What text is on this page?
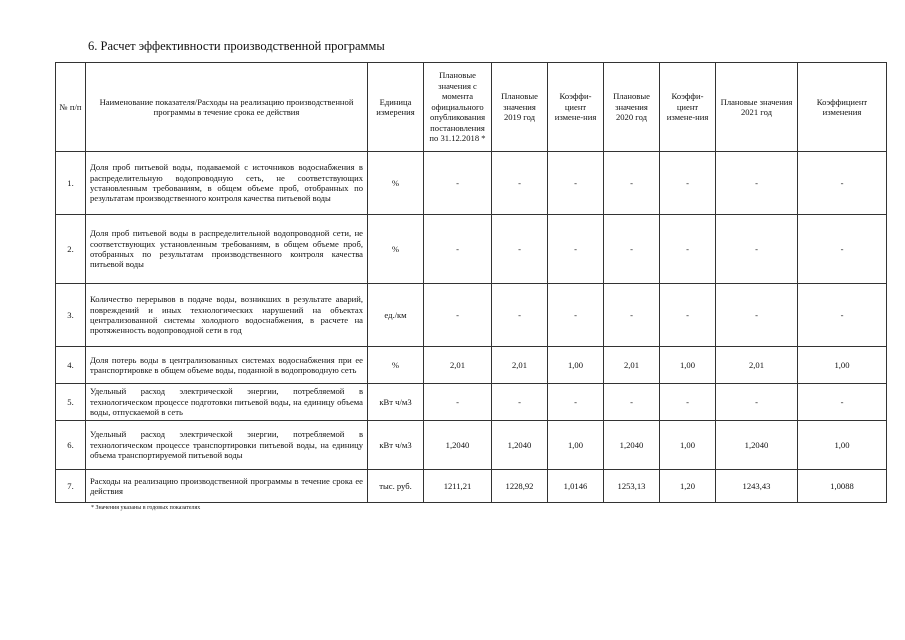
6. Расчет эффективности производственной программы
№ п/п	Наименование показателя/Расходы на реализацию производственной программы в течение срока ее действия	Единица измерения	Плановые значения с момента официального опубликования постановления по 31.12.2018 *	Плановые значения 2019 год	Коэффи-циент измене-ния	Плановые значения 2020 год	Коэффи-циент измене-ния	Плановые значения 2021 год	Коэффициент изменения
1.	Доля проб питьевой воды, подаваемой с источников водоснабжения в распределительную водопроводную сеть, не соответствующих установленным требованиям, в общем объеме проб, отобранных по результатам производственного контроля качества питьевой воды	%	-	-	-	-	-	-	-
2.	Доля проб питьевой воды в распределительной водопроводной сети, не соответствующих установленным требованиям, в общем объеме проб, отобранных по результатам производственного контроля качества питьевой воды	%	-	-	-	-	-	-	-
3.	Количество перерывов в подаче воды, возникших в результате аварий, повреждений и иных технологических нарушений на объектах централизованной системы холодного водоснабжения, в расчете на протяженность водопроводной сети в год	ед./км	-	-	-	-	-	-	-
4.	Доля потерь воды в централизованных системах водоснабжения при ее транспортировке в общем объеме воды, поданной в водопроводную сеть	%	2,01	2,01	1,00	2,01	1,00	2,01	1,00
5.	Удельный расход электрической энергии, потребляемой в технологическом процессе подготовки питьевой воды, на единицу объема воды, отпускаемой в сеть	кВт ч/м3	-	-	-	-	-	-	-
6.	Удельный расход электрической энергии, потребляемой в технологическом процессе транспортировки питьевой воды, на единицу объема транспортируемой питьевой воды	кВт ч/м3	1,2040	1,2040	1,00	1,2040	1,00	1,2040	1,00
7.	Расходы на реализацию производственной программы в течение срока ее действия	тыс. руб.	1211,21	1228,92	1,0146	1253,13	1,20	1243,43	1,0088
* Значения указаны в годовых показателях
